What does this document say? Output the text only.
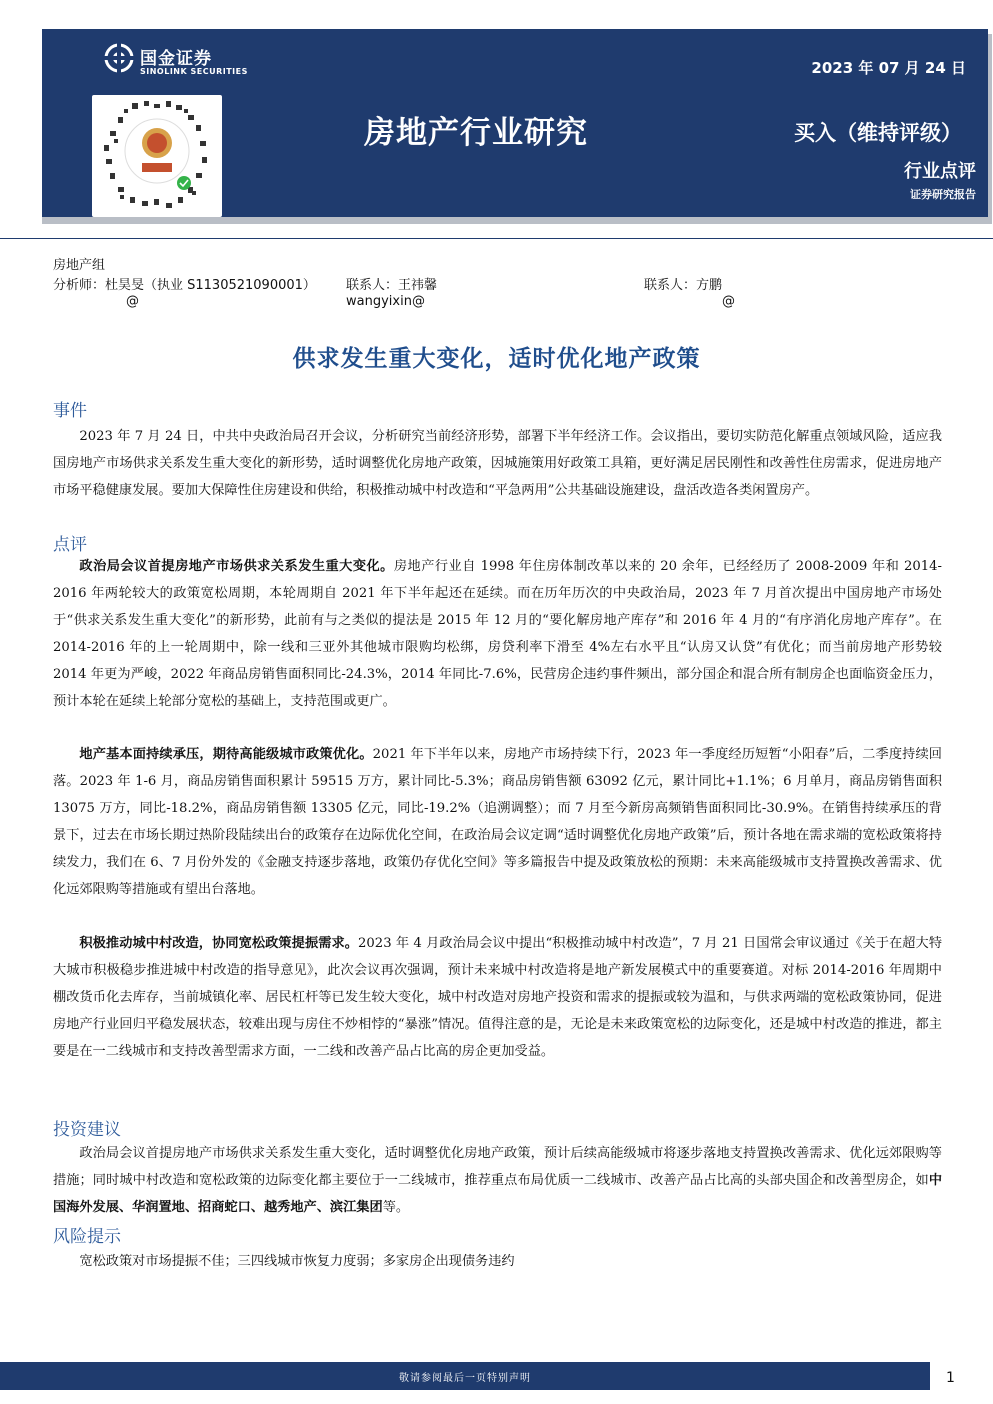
国金证券
SINOLINK SECURITIES	2023 年 07 月 24 日
房地产行业研究	买入（维持评级）
行业点评
证券研究报告
房地产组
分析师：杜昊旻（执业 S1130521090001）
@
联系人：王祎馨
wangyixin@
联系人：方鹏
@
供求发生重大变化，适时优化地产政策
事件

2023 年 7 月 24 日，中共中央政治局召开会议，分析研究当前经济形势，部署下半年经济工作。会议指出，要切实防范化解重点领域风险，适应我国房地产市场供求关系发生重大变化的新形势，适时调整优化房地产政策，因城施策用好政策工具箱，更好满足居民刚性和改善性住房需求，促进房地产市场平稳健康发展。要加大保障性住房建设和供给，积极推动城中村改造和“平急两用”公共基础设施建设，盘活改造各类闲置房产。

点评

政治局会议首提房地产市场供求关系发生重大变化。房地产行业自 1998 年住房体制改革以来的 20 余年，已经经历了 2008-2009 年和 2014-2016 年两轮较大的政策宽松周期，本轮周期自 2021 年下半年起还在延续。而在历年历次的中央政治局，2023 年 7 月首次提出中国房地产市场处于“供求关系发生重大变化”的新形势，此前有与之类似的提法是 2015 年 12 月的“要化解房地产库存”和 2016 年 4 月的“有序消化房地产库存”。在 2014-2016 年的上一轮周期中，除一线和三亚外其他城市限购均松绑，房贷利率下滑至 4%左右水平且“认房又认贷”有优化；而当前房地产形势较 2014 年更为严峻，2022 年商品房销售面积同比-24.3%，2014 年同比-7.6%，民营房企违约事件频出，部分国企和混合所有制房企也面临资金压力，预计本轮在延续上轮部分宽松的基础上，支持范围或更广。

地产基本面持续承压，期待高能级城市政策优化。2021 年下半年以来，房地产市场持续下行，2023 年一季度经历短暂“小阳春”后，二季度持续回落。2023 年 1-6 月，商品房销售面积累计 59515 万方，累计同比-5.3%；商品房销售额 63092 亿元，累计同比+1.1%；6 月单月，商品房销售面积 13075 万方，同比-18.2%，商品房销售额 13305 亿元，同比-19.2%（追溯调整）；而 7 月至今新房高频销售面积同比-30.9%。在销售持续承压的背景下，过去在市场长期过热阶段陆续出台的政策存在边际优化空间，在政治局会议定调“适时调整优化房地产政策”后，预计各地在需求端的宽松政策将持续发力，我们在 6、7 月份外发的《金融支持逐步落地，政策仍存优化空间》等多篇报告中提及政策放松的预期：未来高能级城市支持置换改善需求、优化远郊限购等措施或有望出台落地。

积极推动城中村改造，协同宽松政策提振需求。2023 年 4 月政治局会议中提出“积极推动城中村改造”，7 月 21 日国常会审议通过《关于在超大特大城市积极稳步推进城中村改造的指导意见》，此次会议再次强调，预计未来城中村改造将是地产新发展模式中的重要赛道。对标 2014-2016 年周期中棚改货币化去库存，当前城镇化率、居民杠杆等已发生较大变化，城中村改造对房地产投资和需求的提振或较为温和，与供求两端的宽松政策协同，促进房地产行业回归平稳发展状态，较难出现与房住不炒相悖的“暴涨”情况。值得注意的是，无论是未来政策宽松的边际变化，还是城中村改造的推进，都主要是在一二线城市和支持改善型需求方面，一二线和改善产品占比高的房企更加受益。

投资建议

政治局会议首提房地产市场供求关系发生重大变化，适时调整优化房地产政策，预计后续高能级城市将逐步落地支持置换改善需求、优化远郊限购等措施；同时城中村改造和宽松政策的边际变化都主要位于一二线城市，推荐重点布局优质一二线城市、改善产品占比高的头部央国企和改善型房企，如中国海外发展、华润置地、招商蛇口、越秀地产、滨江集团等。

风险提示

宽松政策对市场提振不佳；三四线城市恢复力度弱；多家房企出现债务违约

敬请参阅最后一页特别声明	1
